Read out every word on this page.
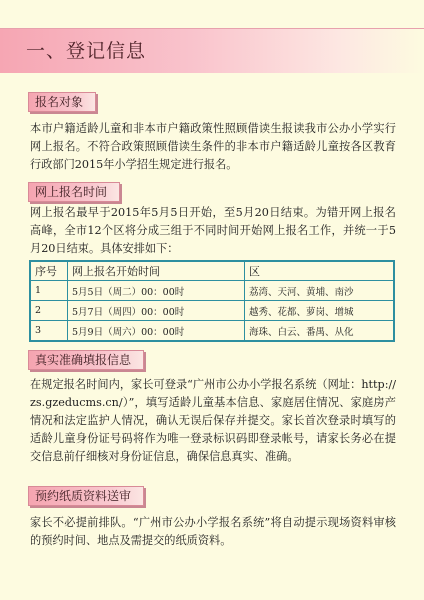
一、登记信息
报名对象
本市户籍适龄儿童和非本市户籍政策性照顾借读生报读我市公办小学实行网上报名。不符合政策照顾借读生条件的非本市户籍适龄儿童按各区教育行政部门2015年小学招生规定进行报名。
网上报名时间
网上报名最早于2015年5月5日开始，至5月20日结束。为错开网上报名高峰，全市12个区将分成三组于不同时间开始网上报名工作，并统一于5月20日结束。具体安排如下：
序号	网上报名开始时间	区
1	5月5日（周二）00：00时	荔湾、天河、黄埔、南沙
2	5月7日（周四）00：00时	越秀、花都、萝岗、增城
3	5月9日（周六）00：00时	海珠、白云、番禺、从化
真实准确填报信息
在规定报名时间内，家长可登录“广州市公办小学报名系统（网址：http://zs.gzeducms.cn/）”，填写适龄儿童基本信息、家庭居住情况、家庭房产情况和法定监护人情况，确认无误后保存并提交。家长首次登录时填写的适龄儿童身份证号码将作为唯一登录标识码即登录帐号，请家长务必在提交信息前仔细核对身份证信息，确保信息真实、准确。
预约纸质资料送审
家长不必提前排队。“广州市公办小学报名系统”将自动提示现场资料审核的预约时间、地点及需提交的纸质资料。
